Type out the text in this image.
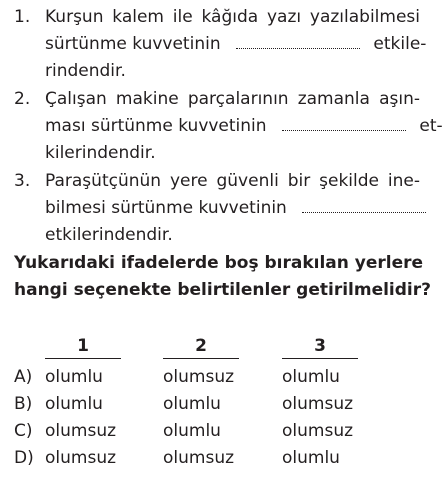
1. Kurşun kalem ile kâğıda yazı yazılabilmesi
sürtünme kuvvetinin	etkile-
rindendir.
2. Çalışan makine parçalarının zamanla aşın-
ması sürtünme kuvvetinin	et-
kilerindendir.
3. Paraşütçünün yere güvenli bir şekilde ine-
bilmesi sürtünme kuvvetinin
etkilerindendir.
Yukarıdaki ifadelerde boş bırakılan yerlere
hangi seçenekte belirtilenler getirilmelidir?
1	2	3
A) olumlu	olumsuz	olumlu
B) olumlu	olumlu	olumsuz
C) olumsuz	olumlu	olumsuz
D) olumsuz	olumsuz	olumlu
